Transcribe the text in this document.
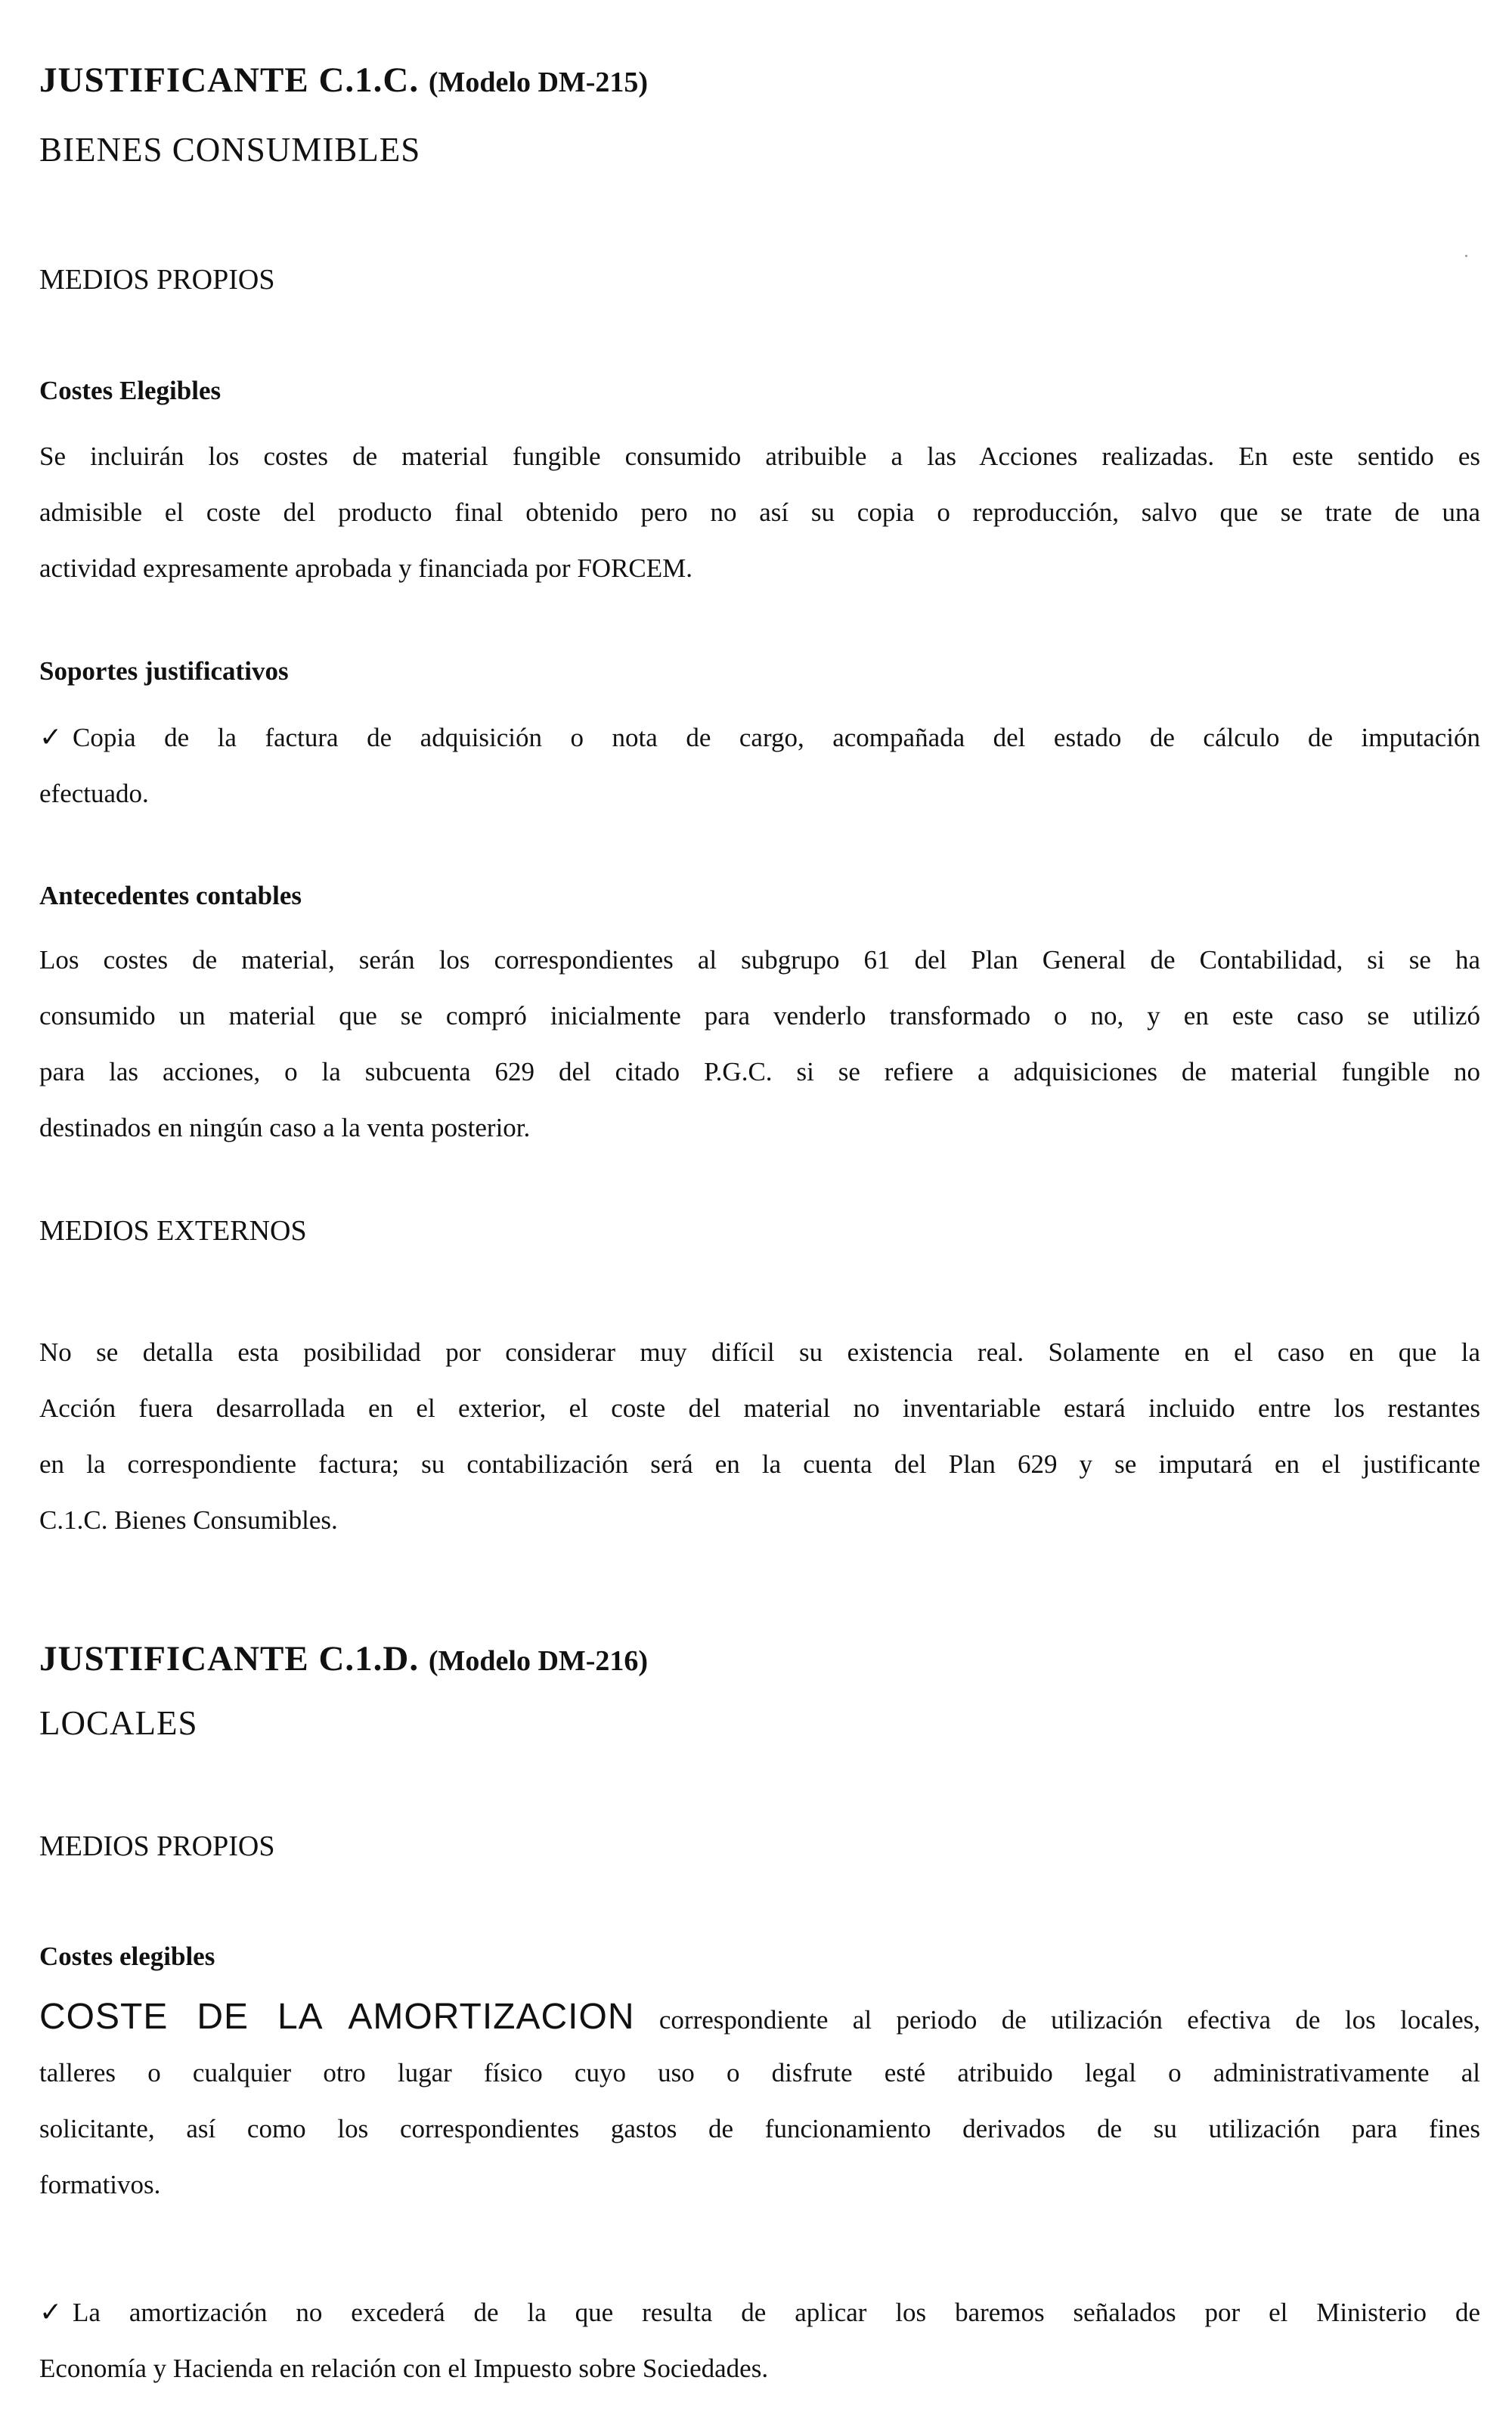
JUSTIFICANTE C.1.C. (Modelo DM-215)
BIENES CONSUMIBLES
MEDIOS PROPIOS
Costes Elegibles
Se incluirán los costes de material fungible consumido atribuible a las Acciones realizadas. En este sentido es
admisible el coste del producto final obtenido pero no así su copia o reproducción, salvo que se trate de una
actividad expresamente aprobada y financiada por FORCEM.
Soportes justificativos
✓ Copia de la factura de adquisición o nota de cargo, acompañada del estado de cálculo de imputación
efectuado.
Antecedentes contables
Los costes de material, serán los correspondientes al subgrupo 61 del Plan General de Contabilidad, si se ha
consumido un material que se compró inicialmente para venderlo transformado o no, y en este caso se utilizó
para las acciones, o la subcuenta 629 del citado P.G.C. si se refiere a adquisiciones de material fungible no
destinados en ningún caso a la venta posterior.
MEDIOS EXTERNOS
No se detalla esta posibilidad por considerar muy difícil su existencia real. Solamente en el caso en que la
Acción fuera desarrollada en el exterior, el coste del material no inventariable estará incluido entre los restantes
en la correspondiente factura; su contabilización será en la cuenta del Plan 629 y se imputará en el justificante
C.1.C. Bienes Consumibles.
JUSTIFICANTE C.1.D. (Modelo DM-216)
LOCALES
MEDIOS PROPIOS
Costes elegibles
COSTE DE LA AMORTIZACION correspondiente al periodo de utilización efectiva de los locales,
talleres o cualquier otro lugar físico cuyo uso o disfrute esté atribuido legal o administrativamente al
solicitante, así como los correspondientes gastos de funcionamiento derivados de su utilización para fines
formativos.
✓ La amortización no excederá de la que resulta de aplicar los baremos señalados por el Ministerio de
Economía y Hacienda en relación con el Impuesto sobre Sociedades.
